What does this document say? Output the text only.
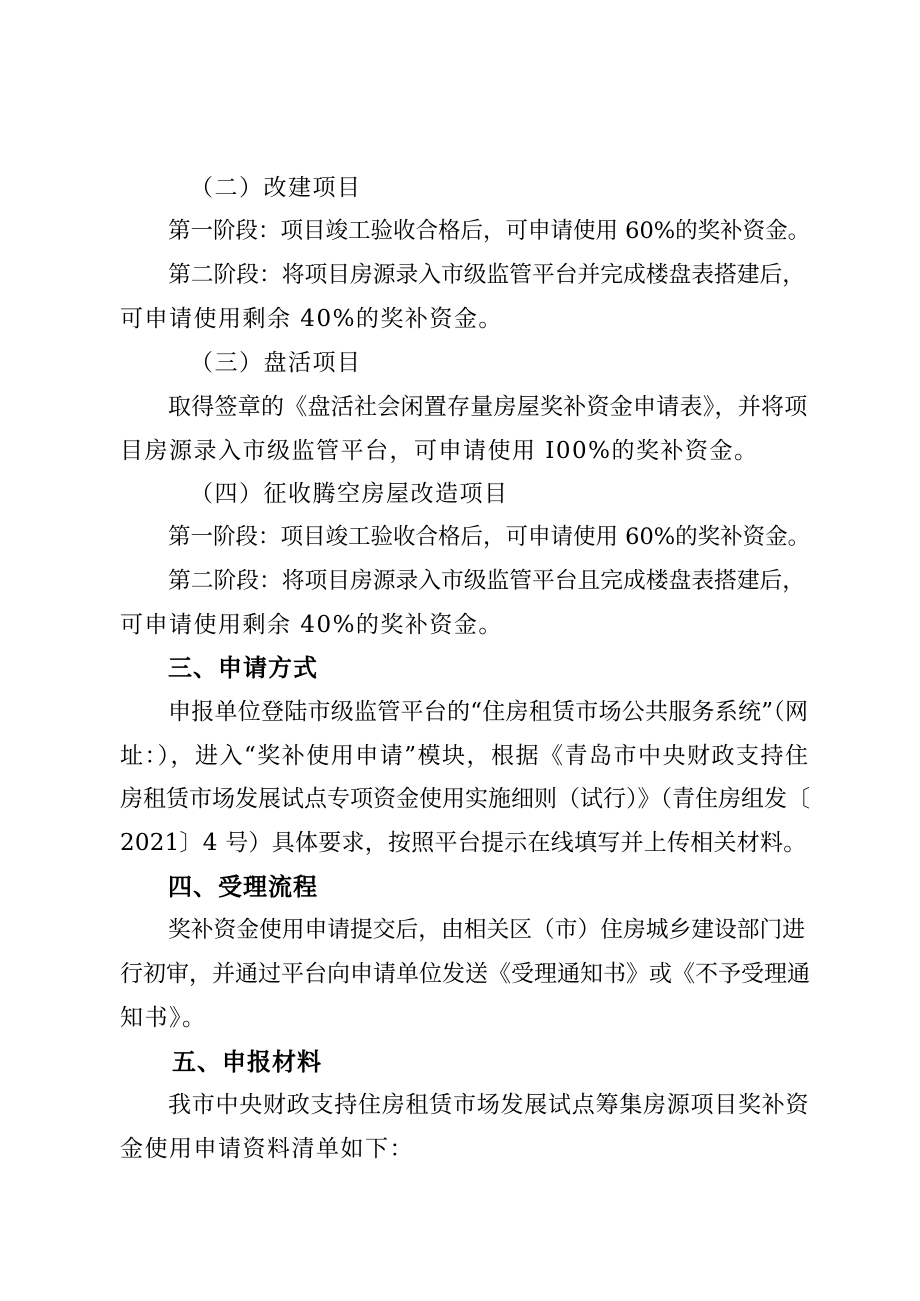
（二）改建项目
第一阶段：项目竣工验收合格后，可申请使用 60%的奖补资金。
第二阶段：将项目房源录入市级监管平台并完成楼盘表搭建后，
可申请使用剩余 40%的奖补资金。
（三）盘活项目
取得签章的《盘活社会闲置存量房屋奖补资金申请表》，并将项
目房源录入市级监管平台，可申请使用 I00%的奖补资金。
（四）征收腾空房屋改造项目
第一阶段：项目竣工验收合格后，可申请使用 60%的奖补资金。
第二阶段：将项目房源录入市级监管平台且完成楼盘表搭建后，
可申请使用剩余 40%的奖补资金。
三、申请方式
申报单位登陆市级监管平台的“住房租赁市场公共服务系统”（网
址：），进入“奖补使用申请”模块，根据《青岛市中央财政支持住
房租赁市场发展试点专项资金使用实施细则（试行）》（青住房组发〔
2021〕4 号）具体要求，按照平台提示在线填写并上传相关材料。
四、受理流程
奖补资金使用申请提交后，由相关区（市）住房城乡建设部门进
行初审，并通过平台向申请单位发送《受理通知书》或《不予受理通
知书》。
五、申报材料
我市中央财政支持住房租赁市场发展试点筹集房源项目奖补资
金使用申请资料清单如下：
